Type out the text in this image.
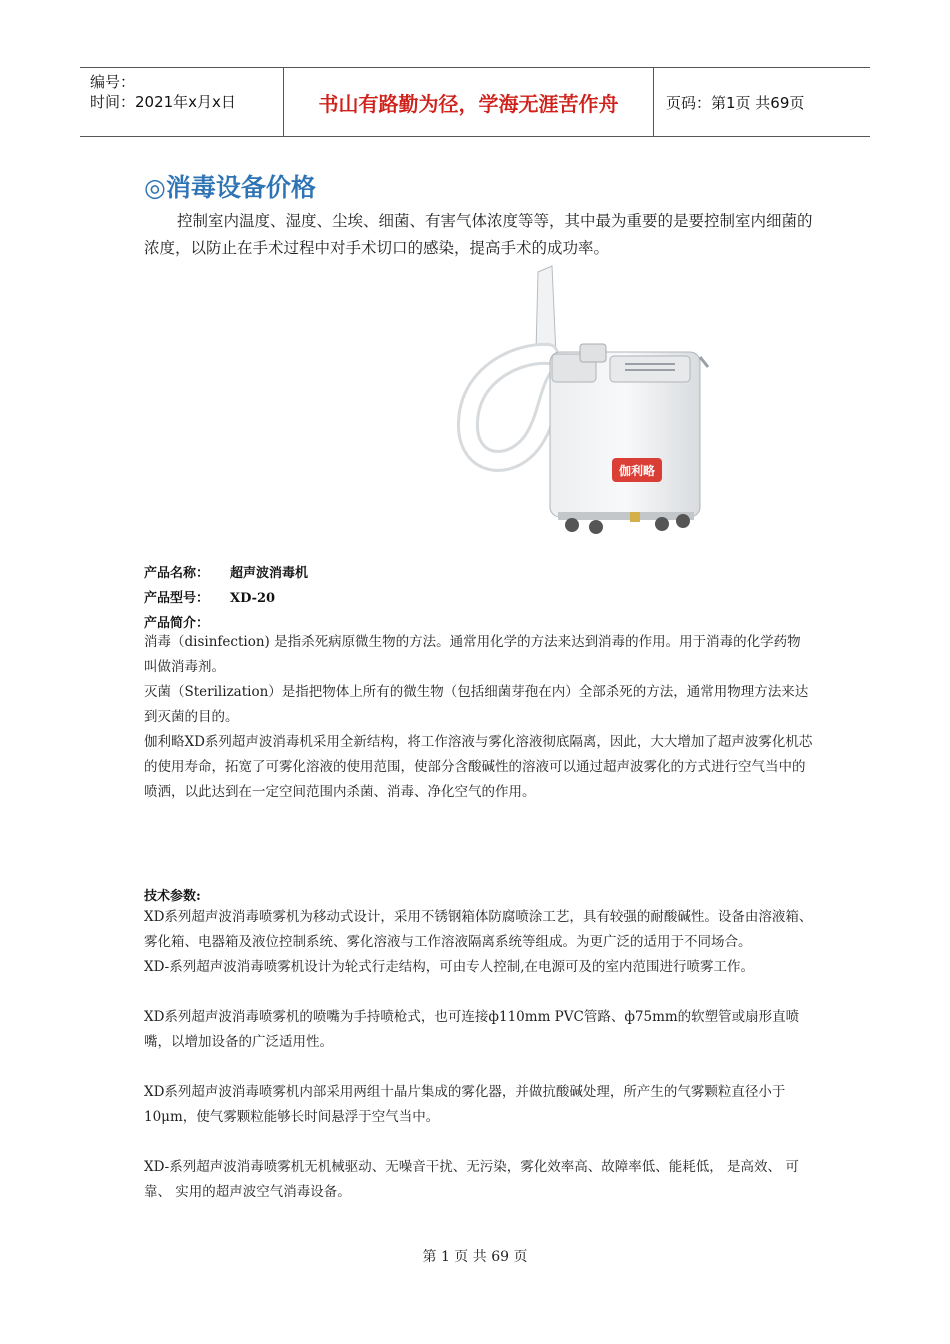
编号：
时间：2021年x月x日	书山有路勤为径，学海无涯苦作舟	页码：第1页 共69页
◎消毒设备价格
控制室内温度、湿度、尘埃、细菌、有害气体浓度等等，其中最为重要的是要控制室内细菌的浓度，以防止在手术过程中对手术切口的感染，提高手术的成功率。
伽利略
产品名称： 超声波消毒机
产品型号： XD-20
产品简介：

消毒（disinfection) 是指杀死病原微生物的方法。通常用化学的方法来达到消毒的作用。用于消毒的化学药物叫做消毒剂。

灭菌（Sterilization）是指把物体上所有的微生物（包括细菌芽孢在内）全部杀死的方法，通常用物理方法来达到灭菌的目的。

伽利略XD系列超声波消毒机采用全新结构，将工作溶液与雾化溶液彻底隔离，因此，大大增加了超声波雾化机芯的使用寿命，拓宽了可雾化溶液的使用范围，使部分含酸碱性的溶液可以通过超声波雾化的方式进行空气当中的喷洒，以此达到在一定空间范围内杀菌、消毒、净化空气的作用。

技术参数:

XD系列超声波消毒喷雾机为移动式设计，采用不锈钢箱体防腐喷涂工艺，具有较强的耐酸碱性。设备由溶液箱、雾化箱、电器箱及液位控制系统、雾化溶液与工作溶液隔离系统等组成。为更广泛的适用于不同场合。

XD-系列超声波消毒喷雾机设计为轮式行走结构，可由专人控制,在电源可及的室内范围进行喷雾工作。

XD系列超声波消毒喷雾机的喷嘴为手持喷枪式，也可连接ф110mm PVC管路、ф75mm的软塑管或扇形直喷嘴，以增加设备的广泛适用性。

XD系列超声波消毒喷雾机内部采用两组十晶片集成的雾化器，并做抗酸碱处理，所产生的气雾颗粒直径小于10μm，使气雾颗粒能够长时间悬浮于空气当中。

XD-系列超声波消毒喷雾机无机械驱动、无噪音干扰、无污染，雾化效率高、故障率低、能耗低， 是高效、 可靠、 实用的超声波空气消毒设备。

第 1 页 共 69 页
